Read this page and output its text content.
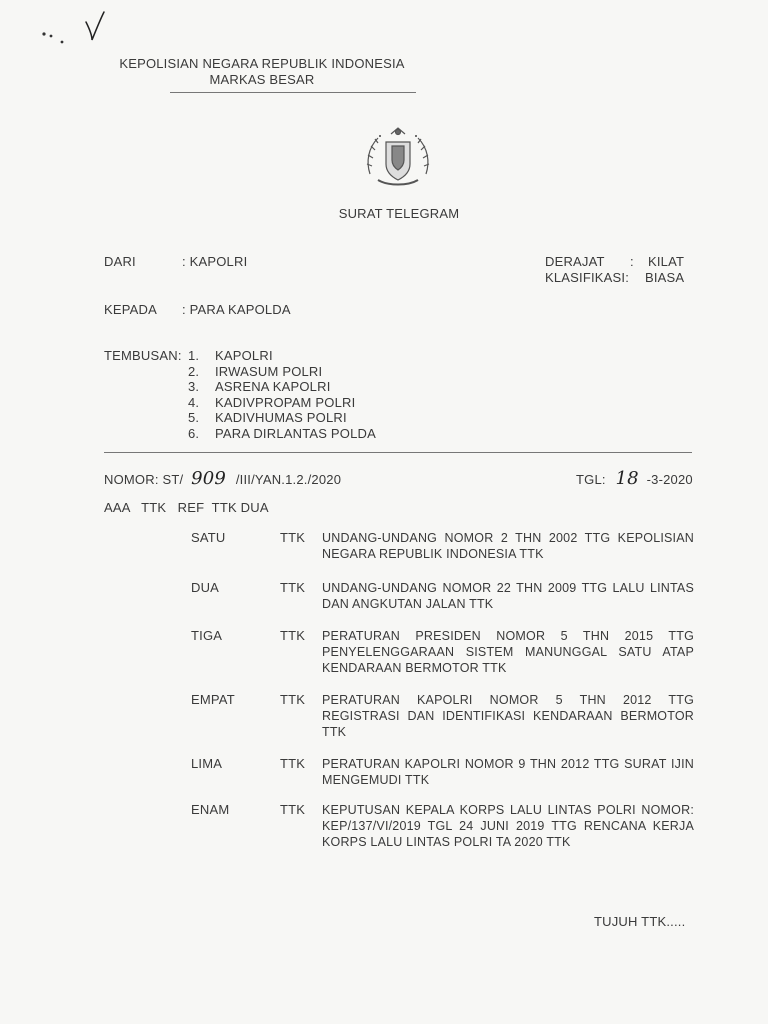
KEPOLISIAN NEGARA REPUBLIK INDONESIA
MARKAS BESAR
SURAT TELEGRAM
DARI	: KAPOLRI	DERAJAT : KILAT
KLASIFIKASI: BIASA
KEPADA : PARA KAPOLDA
TEMBUSAN: 1. KAPOLRI
2. IRWASUM POLRI
3. ASRENA KAPOLRI
4. KADIVPROPAM POLRI
5. KADIVHUMAS POLRI
6. PARA DIRLANTAS POLDA
NOMOR: ST/ 909 /III/YAN.1.2./2020	TGL: 18 -3-2020
AAA   TTK   REF  TTK DUA
SATU	TTK UNDANG-UNDANG NOMOR 2 THN 2002 TTG KEPOLISIAN NEGARA REPUBLIK INDONESIA TTK
DUA	TTK UNDANG-UNDANG NOMOR 22 THN 2009 TTG LALU LINTAS DAN ANGKUTAN JALAN TTK
TIGA	TTK PERATURAN PRESIDEN NOMOR 5 THN 2015 TTG PENYELENGGARAAN SISTEM MANUNGGAL SATU ATAP KENDARAAN BERMOTOR TTK
EMPAT	TTK PERATURAN KAPOLRI NOMOR 5 THN 2012 TTG REGISTRASI DAN IDENTIFIKASI KENDARAAN BERMOTOR TTK
LIMA	TTK PERATURAN KAPOLRI NOMOR 9 THN 2012 TTG SURAT IJIN MENGEMUDI TTK
ENAM	TTK KEPUTUSAN KEPALA KORPS LALU LINTAS POLRI NOMOR: KEP/137/VI/2019 TGL 24 JUNI 2019 TTG RENCANA KERJA KORPS LALU LINTAS POLRI TA 2020 TTK
TUJUH TTK.....
